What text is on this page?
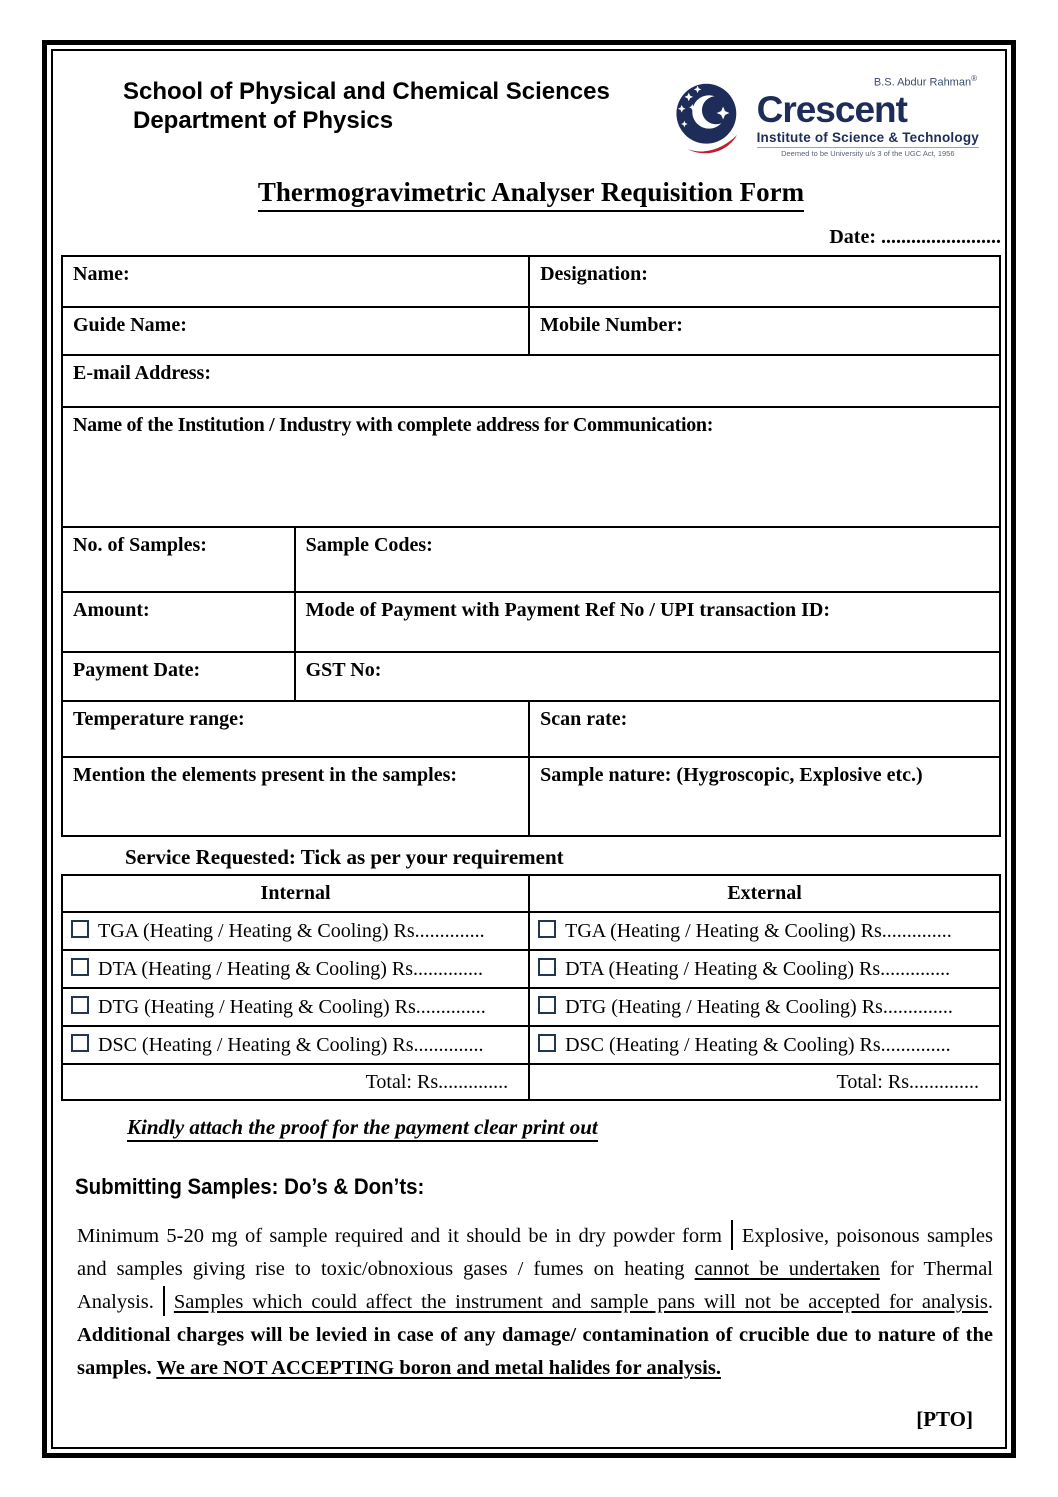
School of Physical and Chemical Sciences
Department of Physics
B.S. Abdur Rahman®
Crescent
Institute of Science & Technology
Deemed to be University u/s 3 of the UGC Act, 1956
Thermogravimetric Analyser Requisition Form
Date: ........................
Name:	Designation:
Guide Name:	Mobile Number:
E-mail Address:	
Name of the Institution / Industry with complete address for Communication:	
No. of Samples:	Sample Codes:
Amount:	Mode of Payment with Payment Ref No / UPI transaction ID:
Payment Date:	GST No:
Temperature range:	Scan rate:
Mention the elements present in the samples:	Sample nature: (Hygroscopic, Explosive etc.)
Service Requested: Tick as per your requirement
Internal	External
TGA (Heating / Heating & Cooling) Rs..............	TGA (Heating / Heating & Cooling) Rs..............
DTA (Heating / Heating & Cooling) Rs..............	DTA (Heating / Heating & Cooling) Rs..............
DTG (Heating / Heating & Cooling) Rs..............	DTG (Heating / Heating & Cooling) Rs..............
DSC (Heating / Heating & Cooling) Rs..............	DSC (Heating / Heating & Cooling) Rs..............
Total: Rs..............	Total: Rs..............
Kindly attach the proof for the payment clear print out
Submitting Samples: Do’s & Don’ts:
Minimum 5-20 mg of sample required and it should be in dry powder form Explosive, poisonous samples and samples giving rise to toxic/obnoxious gases / fumes on heating cannot be undertaken for Thermal Analysis. Samples which could affect the instrument and sample pans will not be accepted for analysis. Additional charges will be levied in case of any damage/ contamination of crucible due to nature of the samples. We are NOT ACCEPTING boron and metal halides for analysis.
[PTO]
